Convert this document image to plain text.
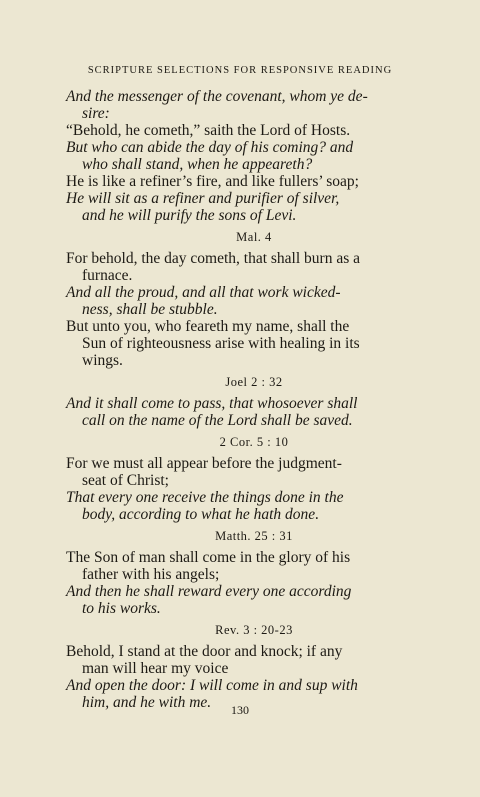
SCRIPTURE SELECTIONS FOR RESPONSIVE READING
And the messenger of the covenant, whom ye de-
sire:
“Behold, he cometh,” saith the Lord of Hosts.
But who can abide the day of his coming? and
who shall stand, when he appeareth?
He is like a refiner’s fire, and like fullers’ soap;
He will sit as a refiner and purifier of silver,
and he will purify the sons of Levi.
Mal. 4
For behold, the day cometh, that shall burn as a
furnace.
And all the proud, and all that work wicked-
ness, shall be stubble.
But unto you, who feareth my name, shall the
Sun of righteousness arise with healing in its
wings.
Joel 2 : 32
And it shall come to pass, that whosoever shall
call on the name of the Lord shall be saved.
2 Cor. 5 : 10
For we must all appear before the judgment-
seat of Christ;
That every one receive the things done in the
body, according to what he hath done.
Matth. 25 : 31
The Son of man shall come in the glory of his
father with his angels;
And then he shall reward every one according
to his works.
Rev. 3 : 20-23
Behold, I stand at the door and knock; if any
man will hear my voice
And open the door: I will come in and sup with
him, and he with me.	130
